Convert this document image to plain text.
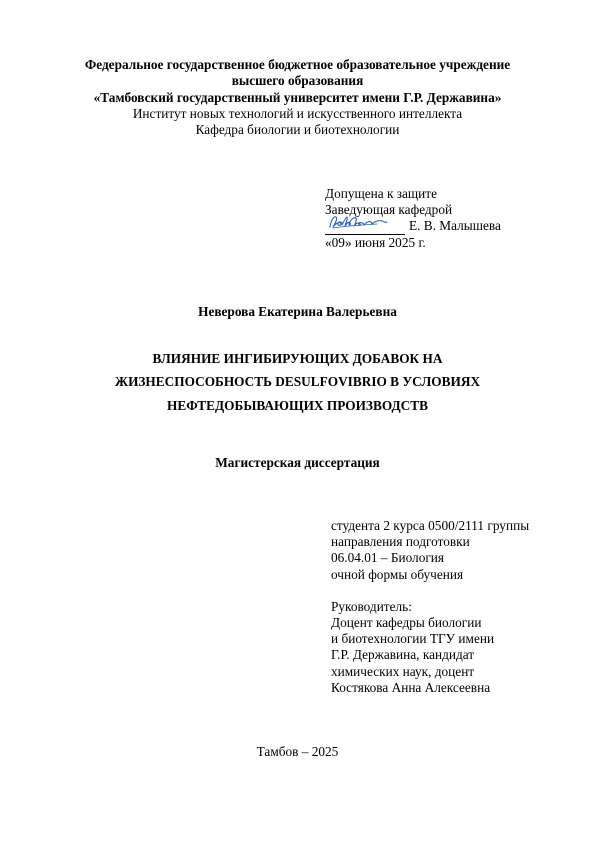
Федеральное государственное бюджетное образовательное учреждение
высшего образования
«Тамбовский государственный университет имени Г.Р. Державина»
Институт новых технологий и искусственного интеллекта
Кафедра биологии и биотехнологии
Допущена к защите
Заведующая кафедрой
Е. В. Малышева
«09» июня 2025 г.
Неверова Екатерина Валерьевна
ВЛИЯНИЕ ИНГИБИРУЮЩИХ ДОБАВОК НА
ЖИЗНЕСПОСОБНОСТЬ DESULFOVIBRIO В УСЛОВИЯХ
НЕФТЕДОБЫВАЮЩИХ ПРОИЗВОДСТВ
Магистерская диссертация
студента 2 курса 0500/2111 группы
направления подготовки
06.04.01 – Биология
очной формы обучения
Руководитель:
Доцент кафедры биологии
и биотехнологии ТГУ имени
Г.Р. Державина, кандидат
химических наук, доцент
Костякова Анна Алексеевна
Тамбов – 2025
